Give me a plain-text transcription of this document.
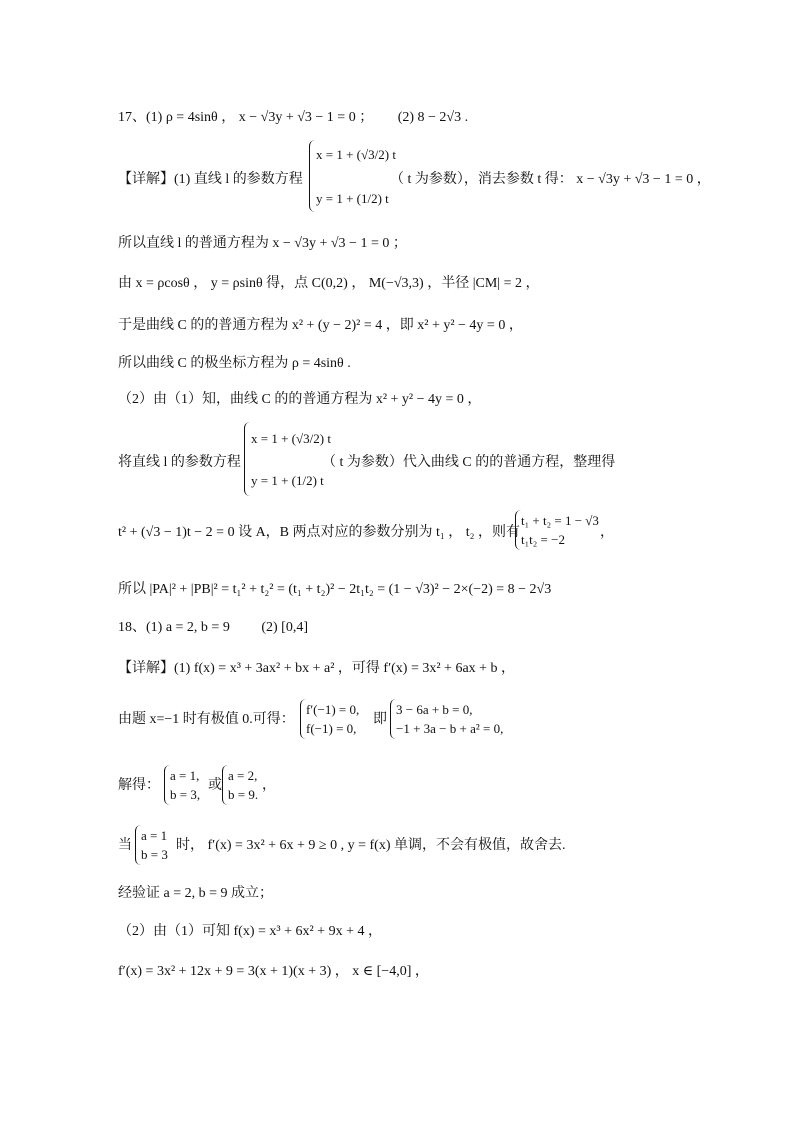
17、(1) ρ = 4sinθ ， x − √3y + √3 − 1 = 0 ；　　 (2) 8 − 2√3 .
【详解】(1) 直线 l 的参数方程
x = 1 + (√3/2) t
y = 1 + (1/2) t
（ t 为参数），消去参数 t 得： x − √3y + √3 − 1 = 0 ，
所以直线 l 的普通方程为 x − √3y + √3 − 1 = 0 ；
由 x = ρcosθ ， y = ρsinθ 得，点 C(0,2) ， M(−√3,3) ，半径 |CM| = 2 ，
于是曲线 C 的的普通方程为 x² + (y − 2)² = 4 ，即 x² + y² − 4y = 0 ，
所以曲线 C 的极坐标方程为 ρ = 4sinθ .
（2）由（1）知，曲线 C 的的普通方程为 x² + y² − 4y = 0 ，
将直线 l 的参数方程
x = 1 + (√3/2) t
y = 1 + (1/2) t
（ t 为参数）代入曲线 C 的的普通方程，整理得
t² + (√3 − 1)t − 2 = 0 设 A，B 两点对应的参数分别为 t₁ ， t₂ ，则有
t₁ + t₂ = 1 − √3
t₁t₂ = −2	，
所以 |PA|² + |PB|² = t₁² + t₂² = (t₁ + t₂)² − 2t₁t₂ = (1 − √3)² − 2×(−2) = 8 − 2√3
18、(1) a = 2, b = 9　　 (2) [0,4]
【详解】(1) f(x) = x³ + 3ax² + bx + a² ，可得 f′(x) = 3x² + 6ax + b ，
由题 x=−1 时有极值 0.可得：
f′(−1) = 0,
f(−1) = 0,
即
3 − 6a + b = 0,
−1 + 3a − b + a² = 0,
解得：
a = 1,
b = 3,
或
a = 2,
b = 9.
，
当
a = 1
b = 3
时， f′(x) = 3x² + 6x + 9 ≥ 0 , y = f(x) 单调，不会有极值，故舍去.
经验证 a = 2, b = 9 成立；
（2）由（1）可知 f(x) = x³ + 6x² + 9x + 4 ，
f′(x) = 3x² + 12x + 9 = 3(x + 1)(x + 3) ， x ∈ [−4,0] ，
